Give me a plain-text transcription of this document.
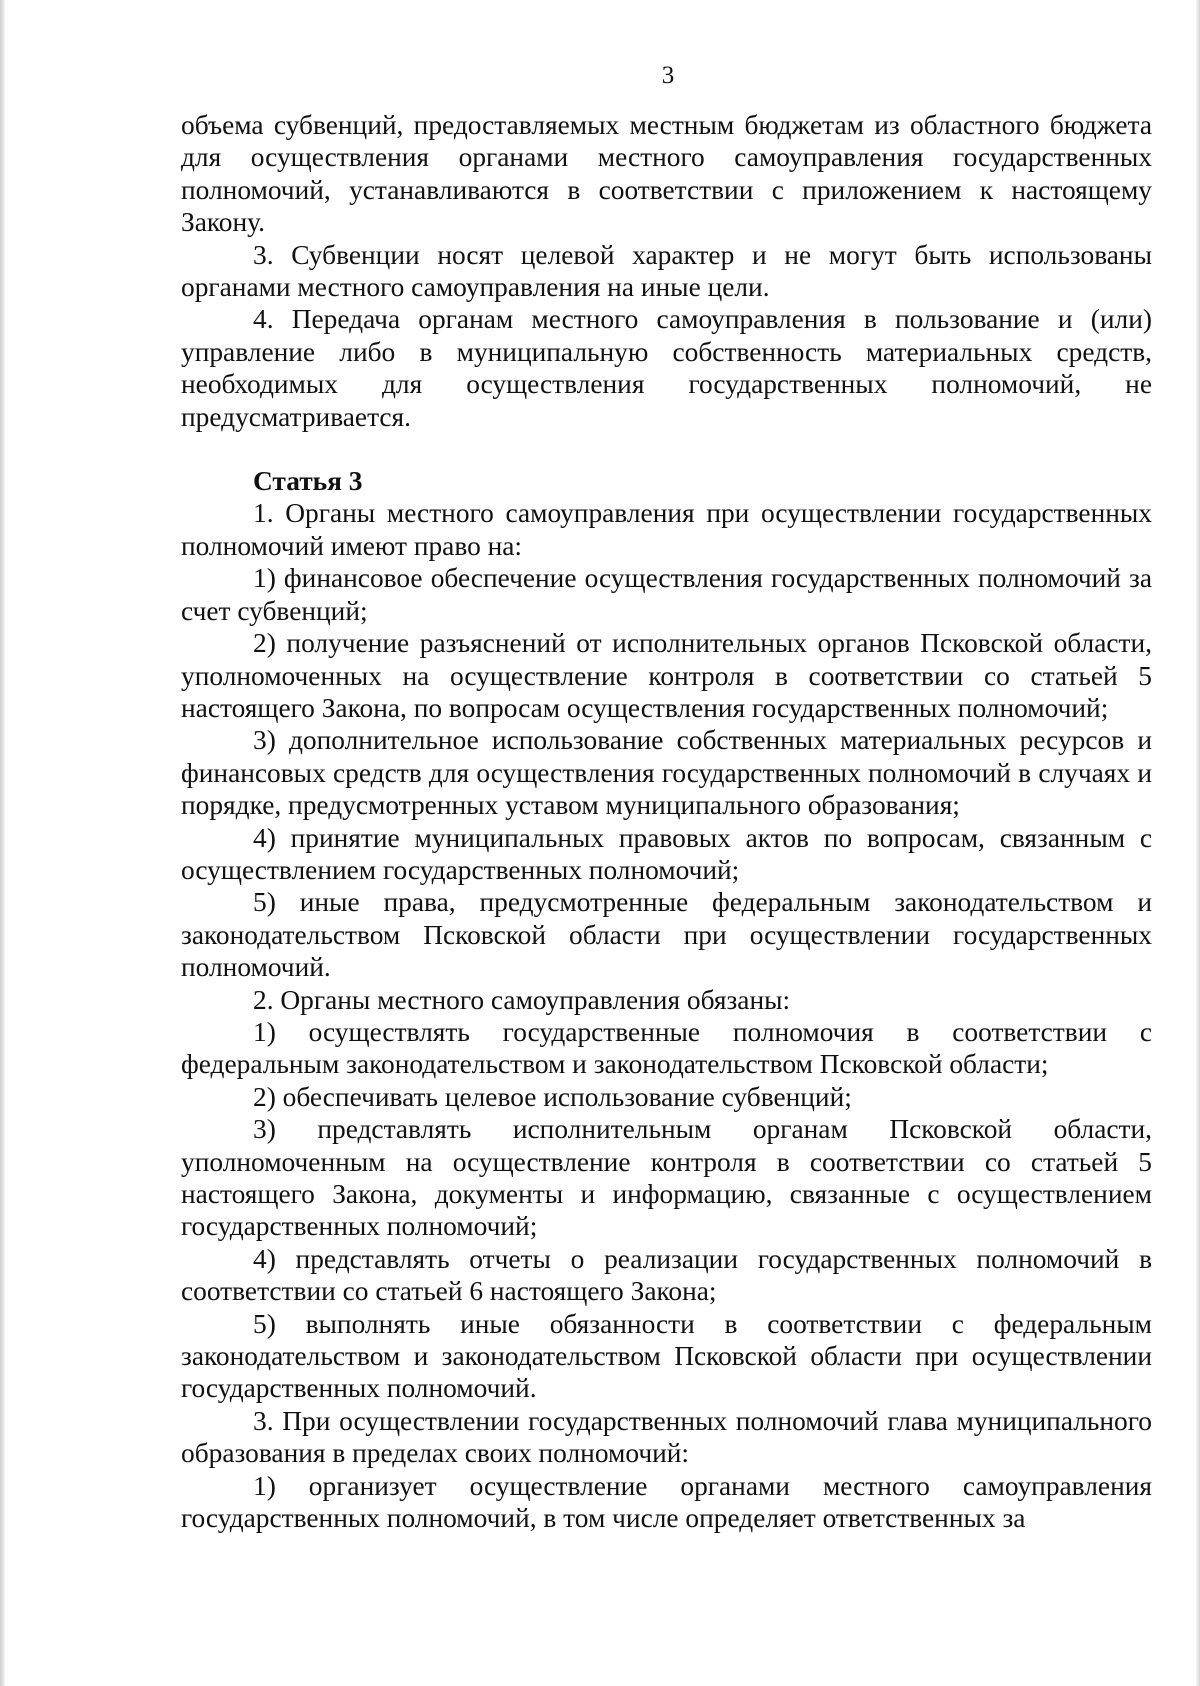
3

объема субвенций, предоставляемых местным бюджетам из областного бюджета для осуществления органами местного самоуправления государственных полномочий, устанавливаются в соответствии с приложением к настоящему Закону.

3. Субвенции носят целевой характер и не могут быть использованы органами местного самоуправления на иные цели.

4. Передача органам местного самоуправления в пользование и (или) управление либо в муниципальную собственность материальных средств, необходимых для осуществления государственных полномочий, не предусматривается.

Статья 3

1. Органы местного самоуправления при осуществлении государственных полномочий имеют право на:

1) финансовое обеспечение осуществления государственных полномочий за счет субвенций;

2) получение разъяснений от исполнительных органов Псковской области, уполномоченных на осуществление контроля в соответствии со статьей 5 настоящего Закона, по вопросам осуществления государственных полномочий;

3) дополнительное использование собственных материальных ресурсов и финансовых средств для осуществления государственных полномочий в случаях и порядке, предусмотренных уставом муниципального образования;

4) принятие муниципальных правовых актов по вопросам, связанным с осуществлением государственных полномочий;

5) иные права, предусмотренные федеральным законодательством и законодательством Псковской области при осуществлении государственных полномочий.

2. Органы местного самоуправления обязаны:

1) осуществлять государственные полномочия в соответствии с федеральным законодательством и законодательством Псковской области;

2) обеспечивать целевое использование субвенций;

3) представлять исполнительным органам Псковской области, уполномоченным на осуществление контроля в соответствии со статьей 5 настоящего Закона, документы и информацию, связанные с осуществлением государственных полномочий;

4) представлять отчеты о реализации государственных полномочий в соответствии со статьей 6 настоящего Закона;

5) выполнять иные обязанности в соответствии с федеральным законодательством и законодательством Псковской области при осуществлении государственных полномочий.

3. При осуществлении государственных полномочий глава муниципального образования в пределах своих полномочий:

1) организует осуществление органами местного самоуправления государственных полномочий, в том числе определяет ответственных за
